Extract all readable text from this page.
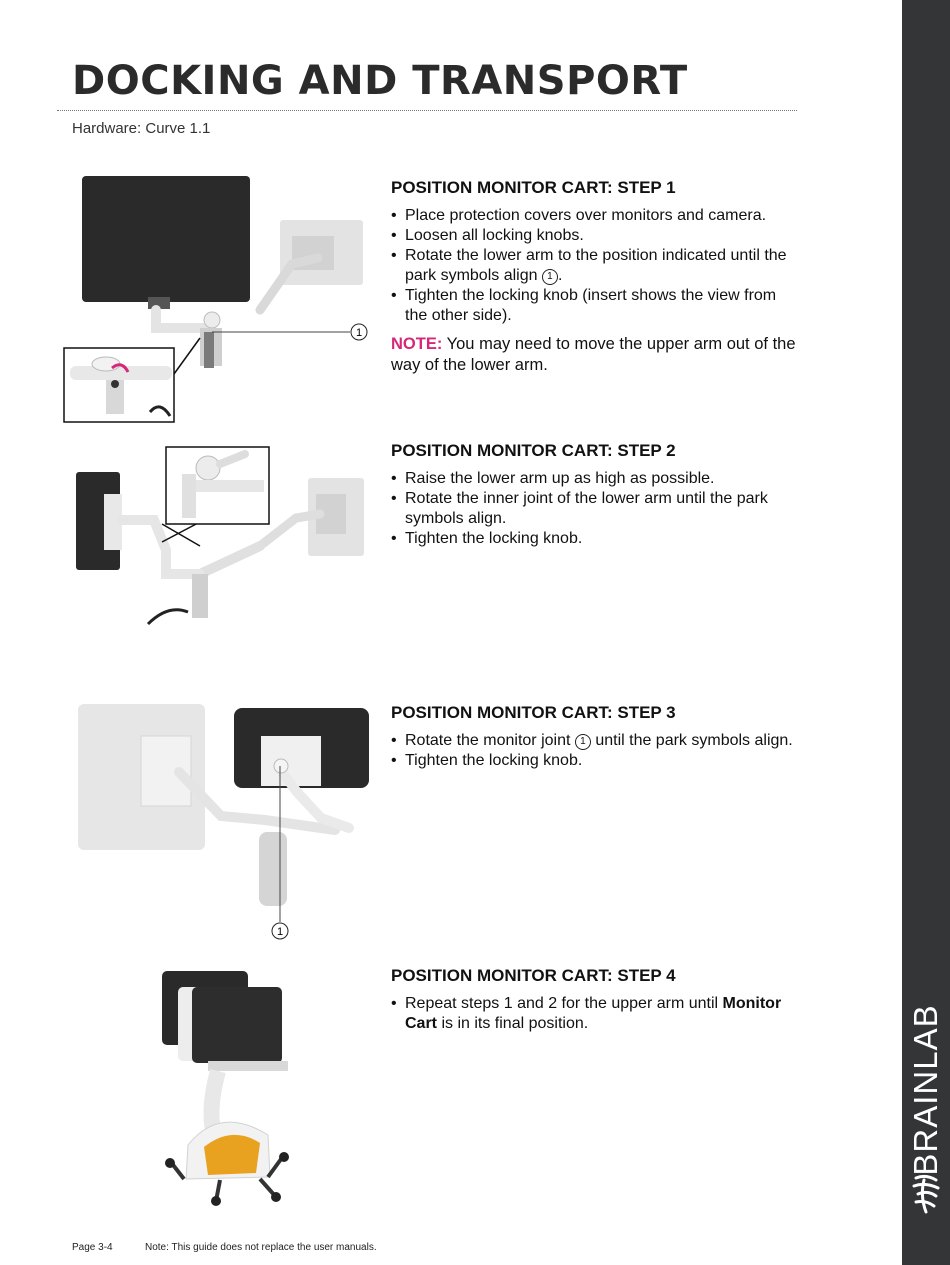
BRAINLAB
DOCKING AND TRANSPORT
Hardware: Curve 1.1
1
POSITION MONITOR CART: STEP 1
• Place protection covers over monitors and camera.
• Loosen all locking knobs.
• Rotate the lower arm to the position indicated until the park symbols align 1 .
• Tighten the locking knob (insert shows the view from the other side).
NOTE: You may need to move the upper arm out of the way of the lower arm.
POSITION MONITOR CART: STEP 2
• Raise the lower arm up as high as possible.
• Rotate the inner joint of the lower arm until the park symbols align.
• Tighten the locking knob.
1
POSITION MONITOR CART: STEP 3
• Rotate the monitor joint 1 until the park symbols align.
• Tighten the locking knob.
POSITION MONITOR CART: STEP 4
• Repeat steps 1 and 2 for the upper arm until Monitor Cart is in its final position.
Page 3-4	Note: This guide does not replace the user manuals.
